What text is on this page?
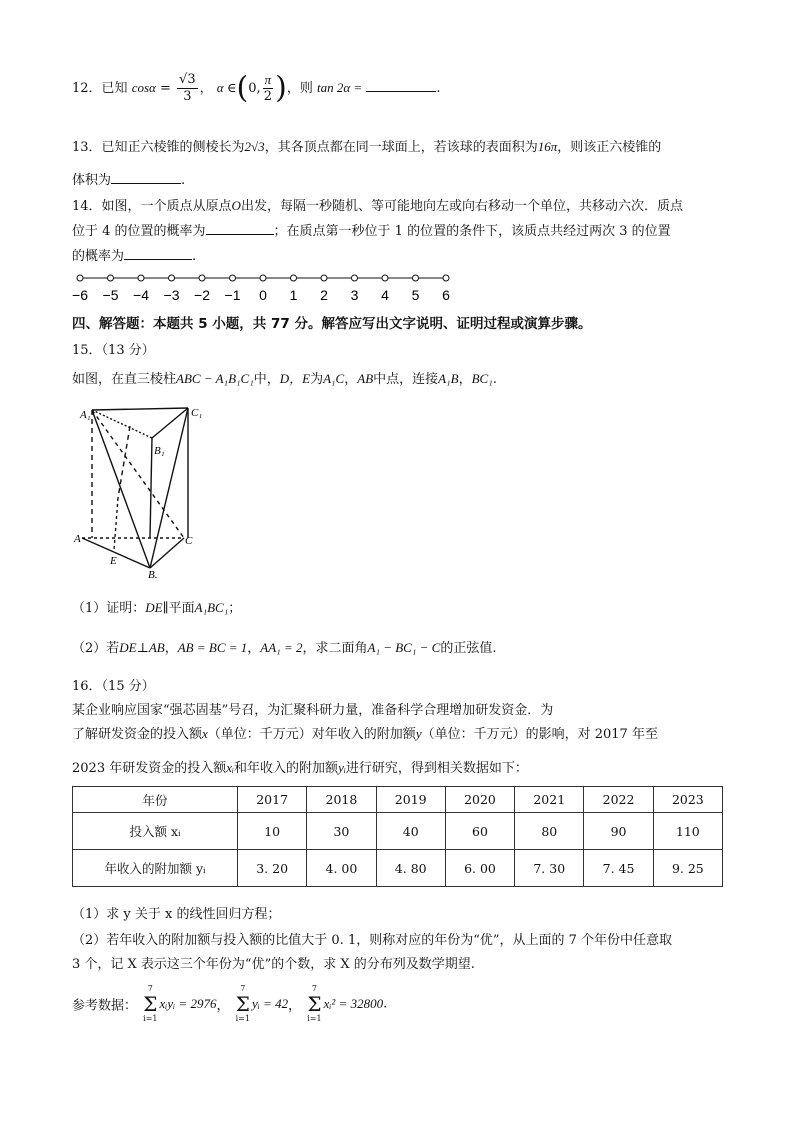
12．已知 $\cos\alpha = \frac{√3}{3}$ ， α ∈(0, $\frac{\pi}{2}$ )，则 tan 2α =	.
13．已知正六棱锥的侧棱长为2√3，其各顶点都在同一球面上，若该球的表面积为16π，则该正六棱锥的
体积为	.
14．如图，一个质点从原点O出发，每隔一秒随机、等可能地向左或向右移动一个单位，共移动六次．质点
位于 4 的位置的概率为	；在质点第一秒位于 1 的位置的条件下，该质点共经过两次 3 的位置
的概率为	.
−6 −5 −4 −3 −2 −1 0 1 2 3 4 5 6
四、解答题：本题共 5 小题，共 77 分。解答应写出文字说明、证明过程或演算步骤。
15．（13 分）
如图，在直三棱柱ABC − A₁B₁C₁中，D，E为A₁C，AB中点，连接A₁B，BC₁.
A₁	C₁
B₁
A	C
E
B.
（1）证明：DE∥平面A₁BC₁；
（2）若DE⊥AB，AB = BC = 1，AA₁ = 2，求二面角A₁ − BC₁ − C的正弦值.
16．（15 分）
某企业响应国家“强芯固基”号召，为汇聚科研力量，准备科学合理增加研发资金．为
了解研发资金的投入额x（单位：千万元）对年收入的附加额y（单位：千万元）的影响，对 2017 年至
2023 年研发资金的投入额xᵢ和年收入的附加额yᵢ进行研究，得到相关数据如下：
年份	2017	2018	2019	2020	2021	2022	2023
投入额 xᵢ	10	30	40	60	80	90	110
年收入的附加额 yᵢ	3. 20	4. 00	4. 80	6. 00	7. 30	7. 45	9. 25
（1）求 y 关于 x 的线性回归方程；
（2）若年收入的附加额与投入额的比值大于 0. 1，则称对应的年份为“优”，从上面的 7 个年份中任意取
3 个，记 X 表示这三个年份为“优”的个数，求 X 的分布列及数学期望.
参考数据：
7
Σ
i=1
xᵢyᵢ = 2976，
7
Σ
i=1
yᵢ = 42，
7
Σ
i=1
xᵢ² = 32800.
